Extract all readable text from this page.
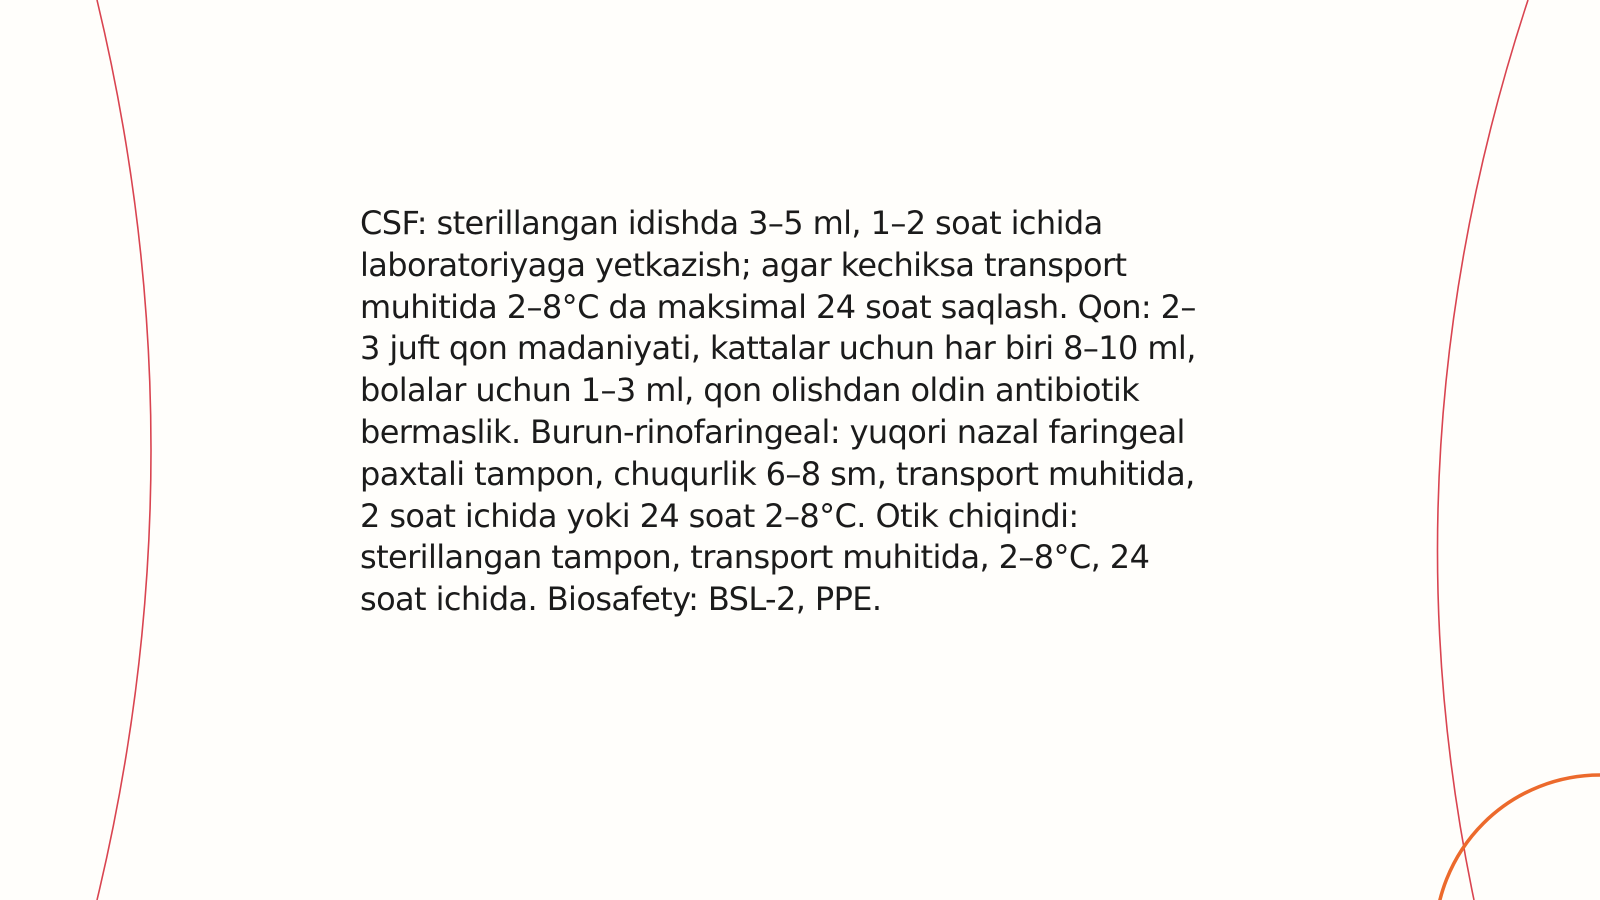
CSF: sterillangan idishda 3–5 ml, 1–2 soat ichida
laboratoriyaga yetkazish; agar kechiksa transport
muhitida 2–8°C da maksimal 24 soat saqlash. Qon: 2–
3 juft qon madaniyati, kattalar uchun har biri 8–10 ml,
bolalar uchun 1–3 ml, qon olishdan oldin antibiotik
bermaslik. Burun-rinofaringeal: yuqori nazal faringeal
paxtali tampon, chuqurlik 6–8 sm, transport muhitida,
2 soat ichida yoki 24 soat 2–8°C. Otik chiqindi:
sterillangan tampon, transport muhitida, 2–8°C, 24
soat ichida. Biosafety: BSL-2, PPE.
